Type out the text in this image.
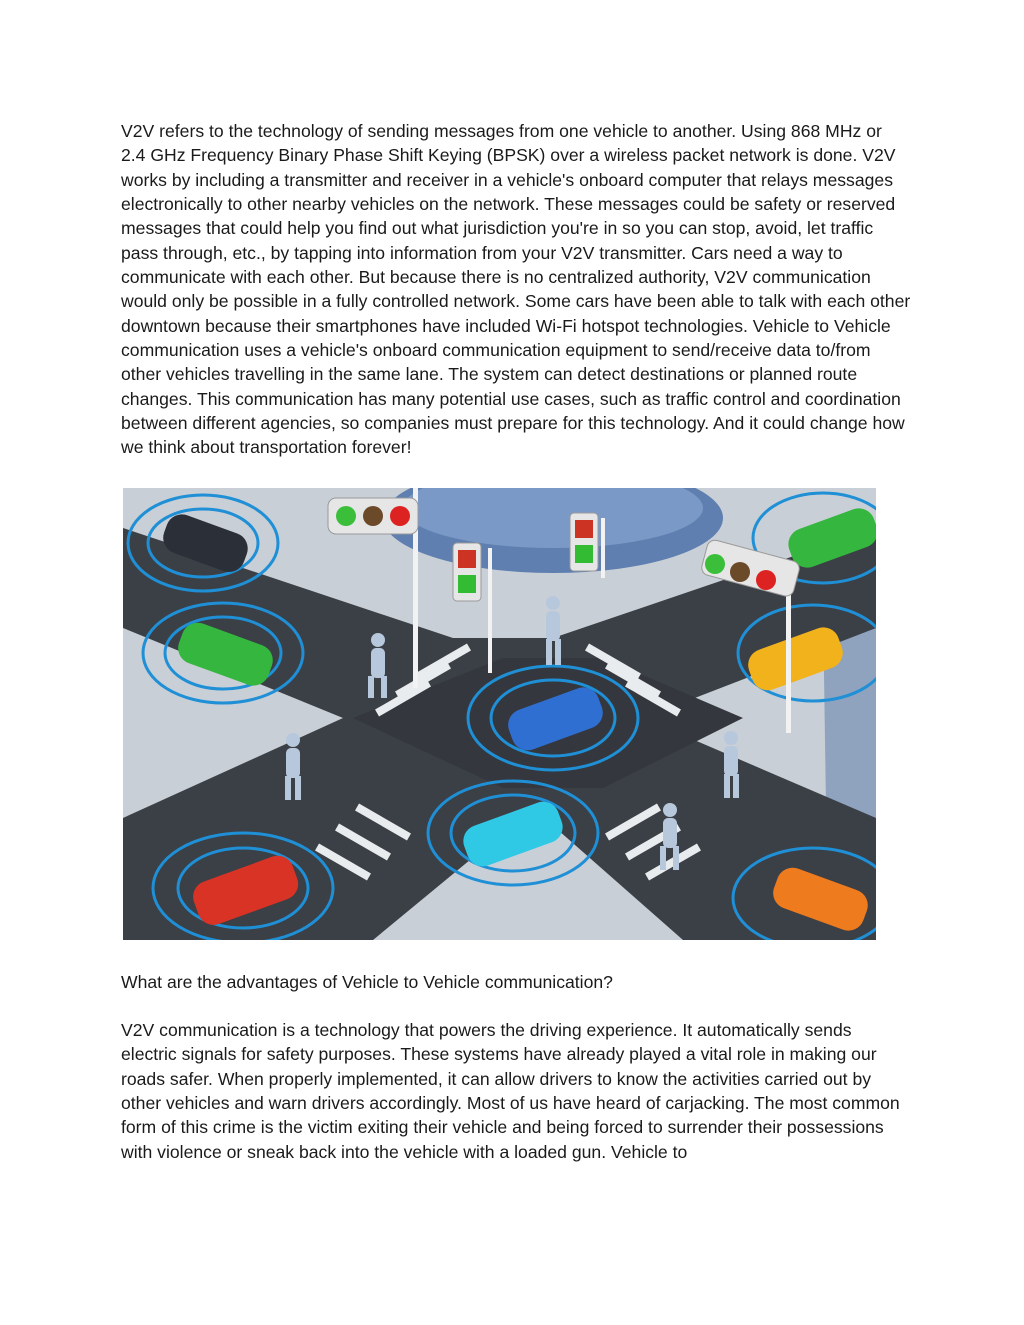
V2V refers to the technology of sending messages from one vehicle to another. Using 868 MHz or 2.4 GHz Frequency Binary Phase Shift Keying (BPSK) over a wireless packet network is done. V2V works by including a transmitter and receiver in a vehicle's onboard computer that relays messages electronically to other nearby vehicles on the network. These messages could be safety or reserved messages that could help you find out what jurisdiction you're in so you can stop, avoid, let traffic pass through, etc., by tapping into information from your V2V transmitter. Cars need a way to communicate with each other. But because there is no centralized authority, V2V communication would only be possible in a fully controlled network. Some cars have been able to talk with each other downtown because their smartphones have included Wi-Fi hotspot technologies. Vehicle to Vehicle communication uses a vehicle's onboard communication equipment to send/receive data to/from other vehicles travelling in the same lane. The system can detect destinations or planned route changes. This communication has many potential use cases, such as traffic control and coordination between different agencies, so companies must prepare for this technology. And it could change how we think about transportation forever!

What are the advantages of Vehicle to Vehicle communication?

V2V communication is a technology that powers the driving experience. It automatically sends electric signals for safety purposes. These systems have already played a vital role in making our roads safer. When properly implemented, it can allow drivers to know the activities carried out by other vehicles and warn drivers accordingly. Most of us have heard of carjacking. The most common form of this crime is the victim exiting their vehicle and being forced to surrender their possessions with violence or sneak back into the vehicle with a loaded gun. Vehicle to
